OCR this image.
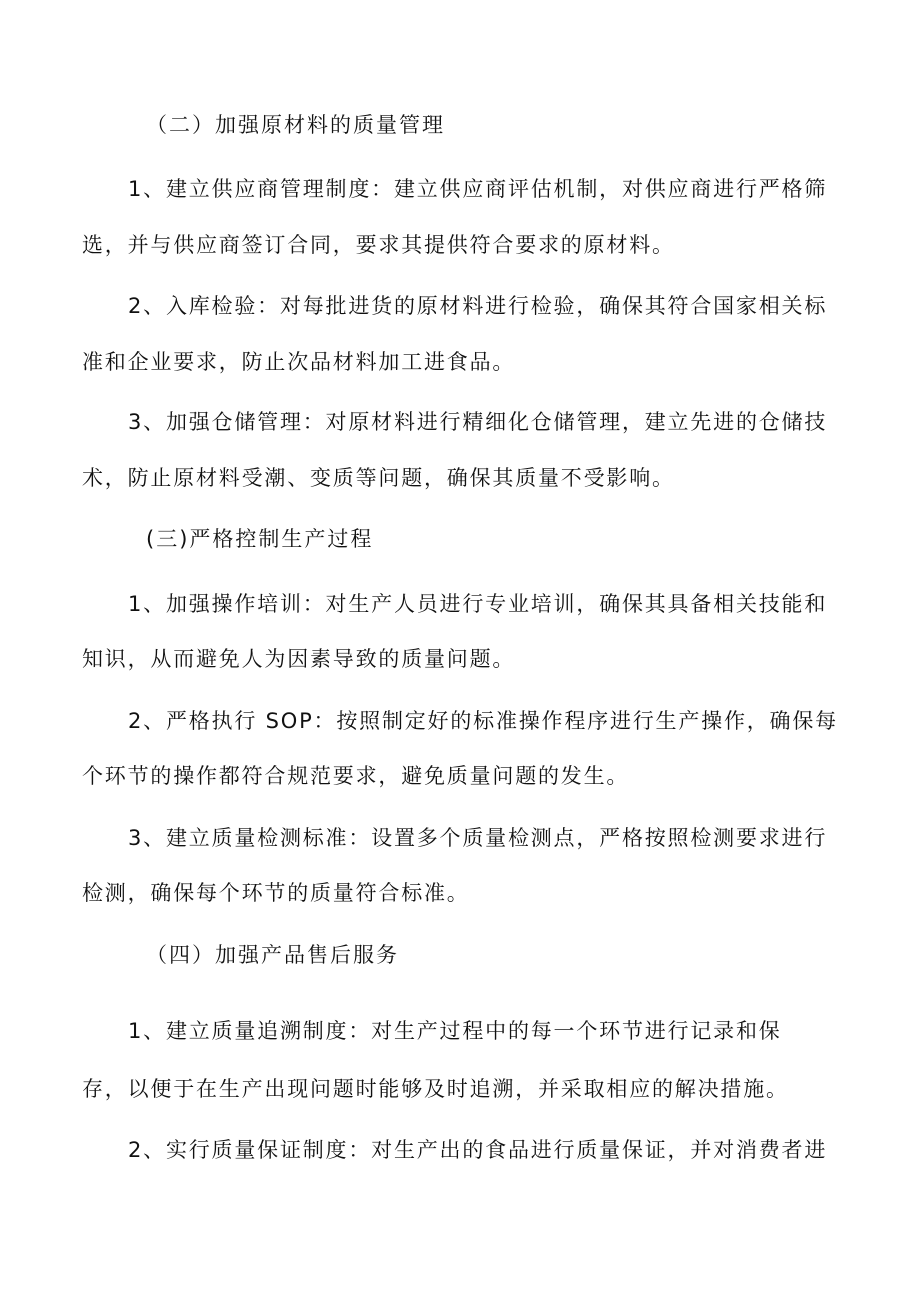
（二）加强原材料的质量管理
1、建立供应商管理制度：建立供应商评估机制，对供应商进行严格筛
选，并与供应商签订合同，要求其提供符合要求的原材料。
2、入库检验：对每批进货的原材料进行检验，确保其符合国家相关标
准和企业要求，防止次品材料加工进食品。
3、加强仓储管理：对原材料进行精细化仓储管理，建立先进的仓储技
术，防止原材料受潮、变质等问题，确保其质量不受影响。
(三)严格控制生产过程
1、加强操作培训：对生产人员进行专业培训，确保其具备相关技能和
知识，从而避免人为因素导致的质量问题。
2、严格执行 SOP：按照制定好的标准操作程序进行生产操作，确保每
个环节的操作都符合规范要求，避免质量问题的发生。
3、建立质量检测标准：设置多个质量检测点，严格按照检测要求进行
检测，确保每个环节的质量符合标准。
（四）加强产品售后服务
1、建立质量追溯制度：对生产过程中的每一个环节进行记录和保
存，以便于在生产出现问题时能够及时追溯，并采取相应的解决措施。
2、实行质量保证制度：对生产出的食品进行质量保证，并对消费者进
